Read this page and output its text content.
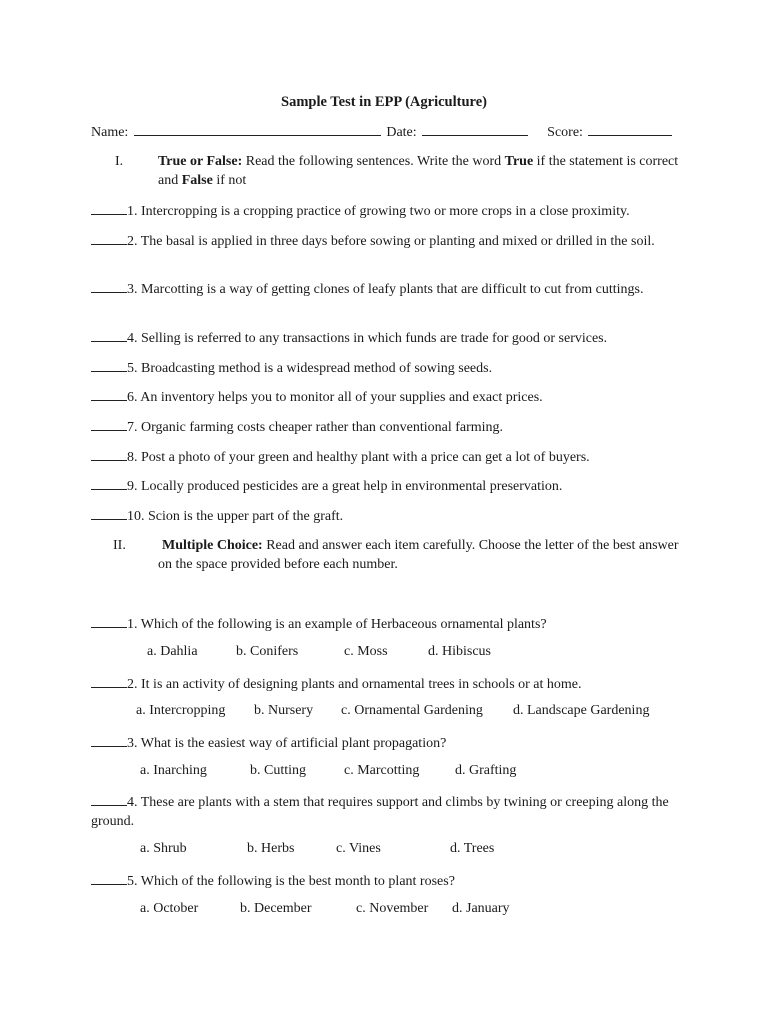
Sample Test in EPP (Agriculture)
Name:	Date:	Score:
I. True or False: Read the following sentences. Write the word True if the statement is correct and False if not
1. Intercropping is a cropping practice of growing two or more crops in a close proximity.
2. The basal is applied in three days before sowing or planting and mixed or drilled in the soil.
3. Marcotting is a way of getting clones of leafy plants that are difficult to cut from cuttings.
4. Selling is referred to any transactions in which funds are trade for good or services.
5. Broadcasting method is a widespread method of sowing seeds.
6. An inventory helps you to monitor all of your supplies and exact prices.
7. Organic farming costs cheaper rather than conventional farming.
8. Post a photo of your green and healthy plant with a price can get a lot of buyers.
9. Locally produced pesticides are a great help in environmental preservation.
10. Scion is the upper part of the graft.
II.	Multiple Choice: Read and answer each item carefully. Choose the letter of the best answer on the space provided before each number.
1. Which of the following is an example of Herbaceous ornamental plants?
a. Dahlia	b. Conifers	c. Moss	d. Hibiscus
2. It is an activity of designing plants and ornamental trees in schools or at home.
a. Intercropping b. Nursery c. Ornamental Gardening d. Landscape Gardening
3. What is the easiest way of artificial plant propagation?
a. Inarching	b. Cutting	c. Marcotting	d. Grafting
4. These are plants with a stem that requires support and climbs by twining or creeping along the ground.
a. Shrub	b. Herbs	c. Vines	d. Trees
5. Which of the following is the best month to plant roses?
a. October	b. December	c. November d. January
